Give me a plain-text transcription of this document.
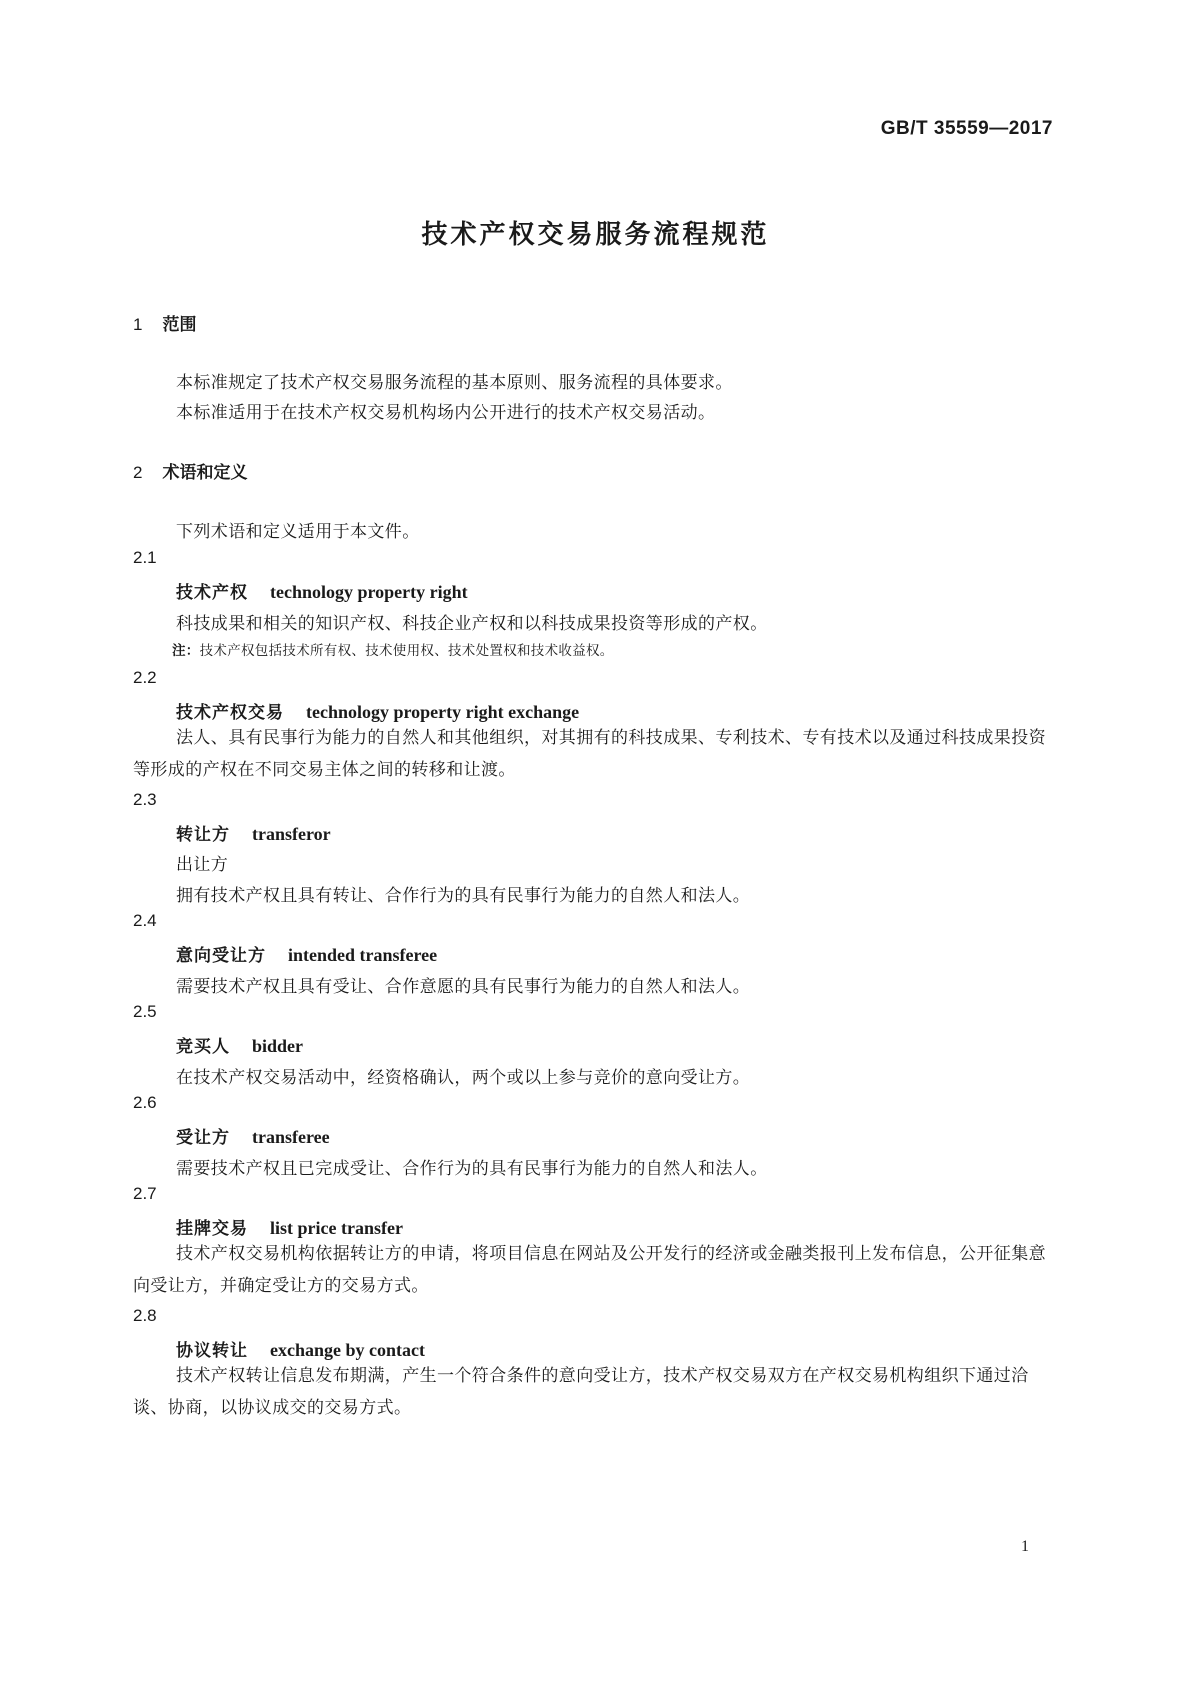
GB/T 35559—2017
技术产权交易服务流程规范
1 范围
本标准规定了技术产权交易服务流程的基本原则、服务流程的具体要求。
本标准适用于在技术产权交易机构场内公开进行的技术产权交易活动。
2 术语和定义
下列术语和定义适用于本文件。
2.1
技术产权 technology property right
科技成果和相关的知识产权、科技企业产权和以科技成果投资等形成的产权。
注：技术产权包括技术所有权、技术使用权、技术处置权和技术收益权。
2.2
技术产权交易 technology property right exchange
法人、具有民事行为能力的自然人和其他组织，对其拥有的科技成果、专利技术、专有技术以及通过科技成果投资等形成的产权在不同交易主体之间的转移和让渡。
2.3
转让方 transferor
出让方
拥有技术产权且具有转让、合作行为的具有民事行为能力的自然人和法人。
2.4
意向受让方 intended transferee
需要技术产权且具有受让、合作意愿的具有民事行为能力的自然人和法人。
2.5
竞买人 bidder
在技术产权交易活动中，经资格确认，两个或以上参与竞价的意向受让方。
2.6
受让方 transferee
需要技术产权且已完成受让、合作行为的具有民事行为能力的自然人和法人。
2.7
挂牌交易 list price transfer
技术产权交易机构依据转让方的申请，将项目信息在网站及公开发行的经济或金融类报刊上发布信息，公开征集意向受让方，并确定受让方的交易方式。
2.8
协议转让 exchange by contact
技术产权转让信息发布期满，产生一个符合条件的意向受让方，技术产权交易双方在产权交易机构组织下通过洽谈、协商，以协议成交的交易方式。
1
